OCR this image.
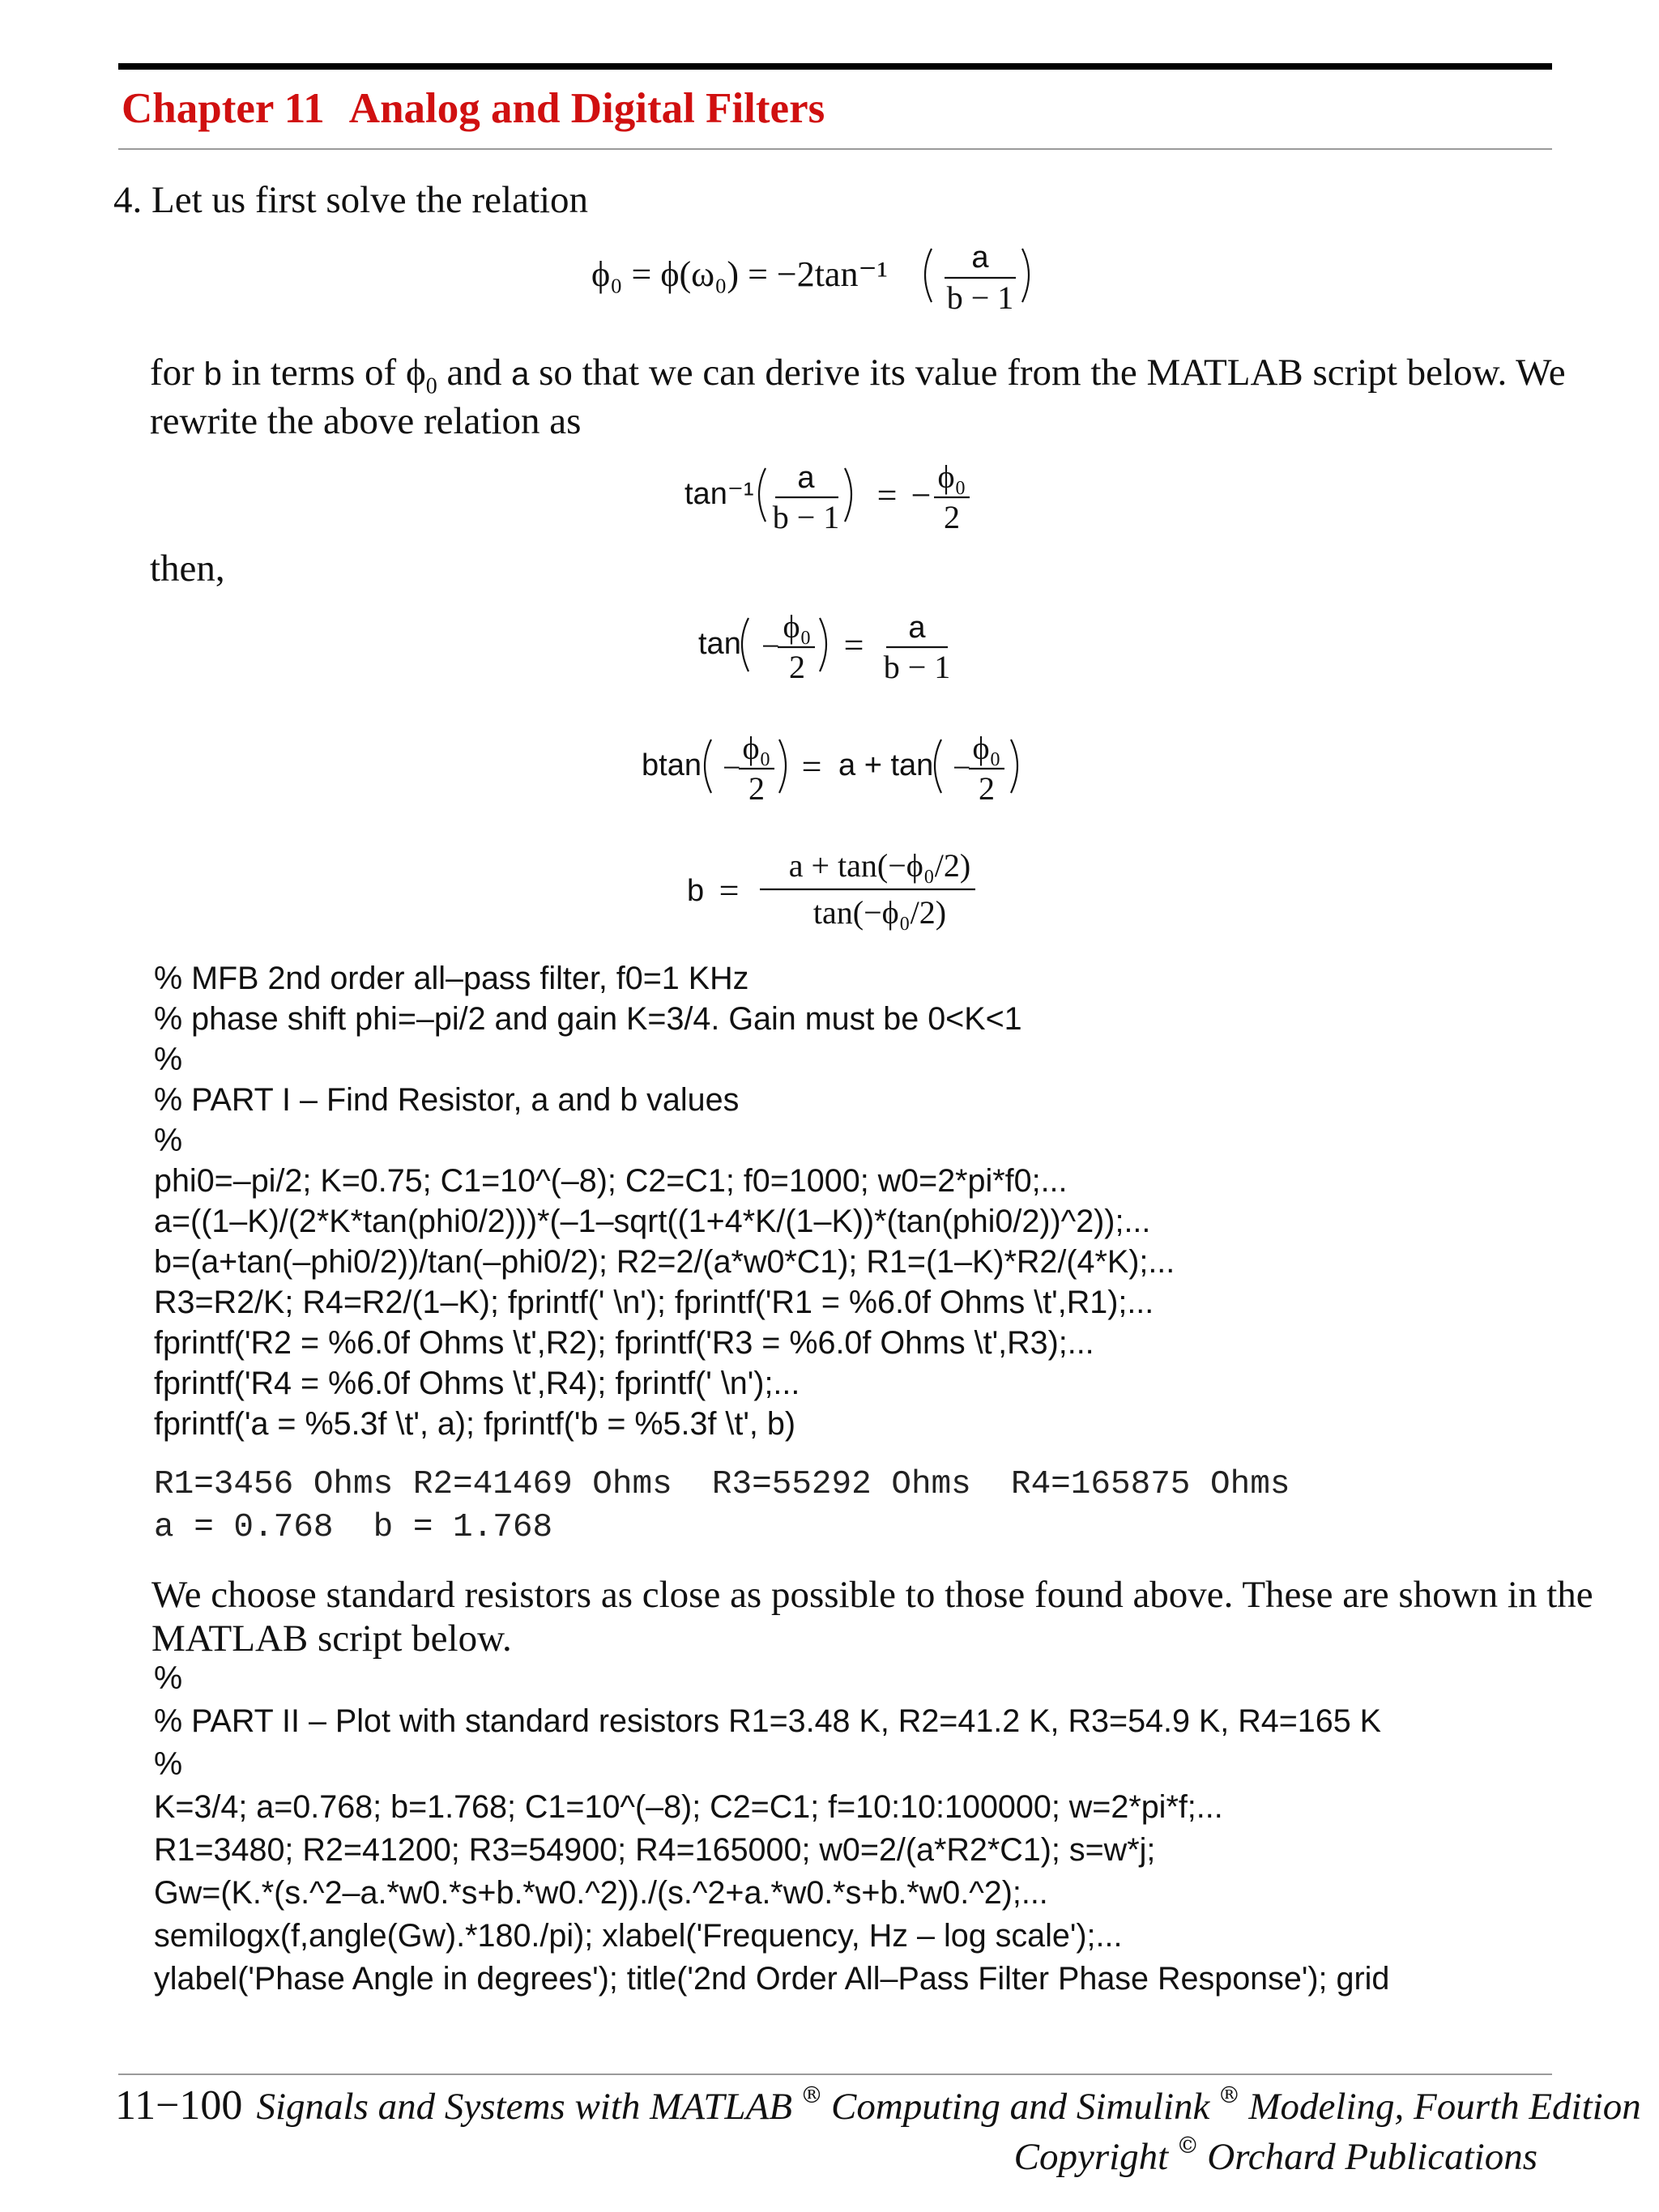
Chapter 11 Analog and Digital Filters
4. Let us first solve the relation
ϕ₀ = ϕ(ω₀) = −2tan⁻¹	a
b − 1
for b in terms of $\phi_0$ and a so that we can derive its value from the MATLAB script below. We
rewrite the above relation as
tan⁻¹ a
b − 1
= − ϕ₀
2
then,
tan −
ϕ₀
2
= a
b − 1
btan −
ϕ₀
2
= a + tan −
ϕ₀
2
b =
a + tan(−ϕ₀/2)
tan(−ϕ₀/2)
% MFB 2nd order all–pass filter, f0=1 KHz
% phase shift phi=–pi/2 and gain K=3/4. Gain must be 0<K<1
%
% PART I – Find Resistor, a and b values
%
phi0=–pi/2; K=0.75; C1=10^(–8); C2=C1; f0=1000; w0=2*pi*f0;...
a=((1–K)/(2*K*tan(phi0/2)))*(–1–sqrt((1+4*K/(1–K))*(tan(phi0/2))^2));...
b=(a+tan(–phi0/2))/tan(–phi0/2); R2=2/(a*w0*C1); R1=(1–K)*R2/(4*K);...
R3=R2/K; R4=R2/(1–K); fprintf(' \n'); fprintf('R1 = %6.0f Ohms \t',R1);...
fprintf('R2 = %6.0f Ohms \t',R2); fprintf('R3 = %6.0f Ohms \t',R3);...
fprintf('R4 = %6.0f Ohms \t',R4); fprintf(' \n');...
fprintf('a = %5.3f \t', a); fprintf('b = %5.3f \t', b)
R1=3456 Ohms R2=41469 Ohms  R3=55292 Ohms  R4=165875 Ohms
a = 0.768  b = 1.768
We choose standard resistors as close as possible to those found above. These are shown in the
MATLAB script below.
%
% PART II – Plot with standard resistors R1=3.48 K, R2=41.2 K, R3=54.9 K, R4=165 K
%
K=3/4; a=0.768; b=1.768; C1=10^(–8); C2=C1; f=10:10:100000; w=2*pi*f;...
R1=3480; R2=41200; R3=54900; R4=165000; w0=2/(a*R2*C1); s=w*j;
Gw=(K.*(s.^2–a.*w0.*s+b.*w0.^2))./(s.^2+a.*w0.*s+b.*w0.^2);...
semilogx(f,angle(Gw).*180./pi); xlabel('Frequency, Hz – log scale');...
ylabel('Phase Angle in degrees'); title('2nd Order All–Pass Filter Phase Response'); grid
11−100 Signals and Systems with MATLAB ® Computing and Simulink ® Modeling, Fourth Edition
Copyright © Orchard Publications
